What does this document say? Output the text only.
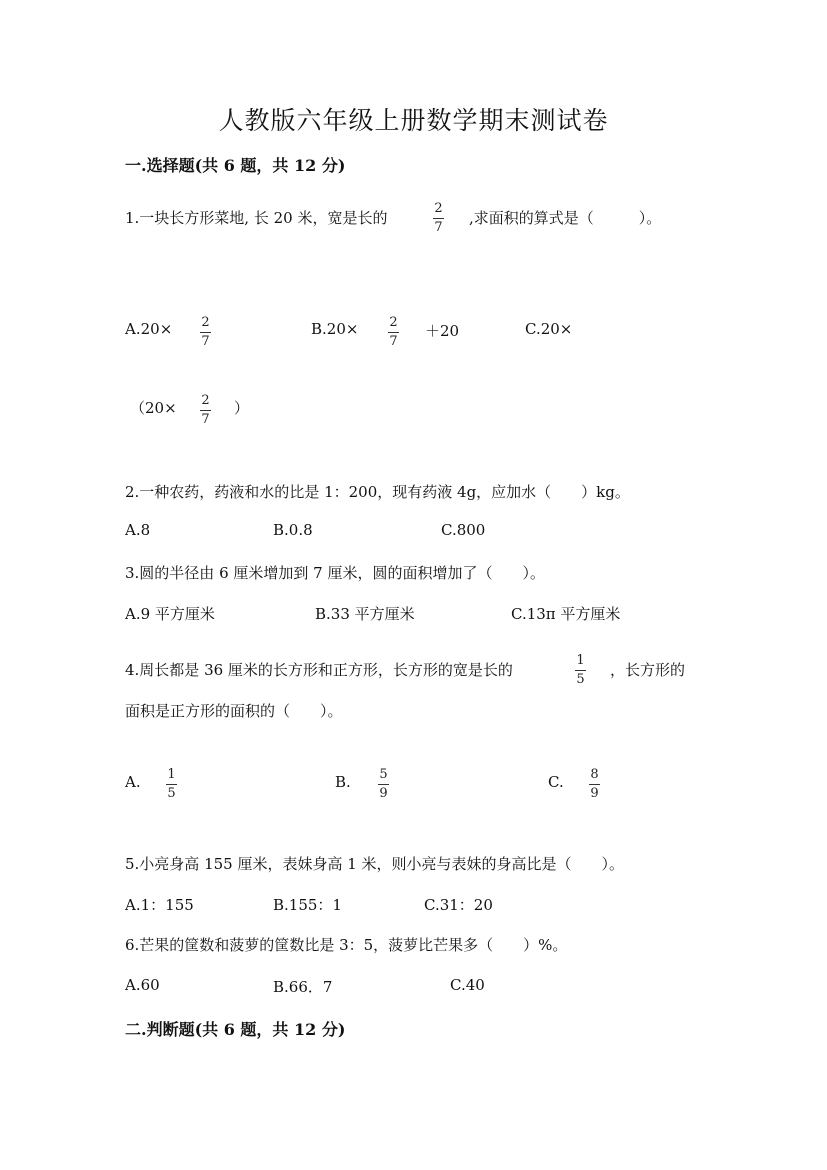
人教版六年级上册数学期末测试卷
一.选择题(共 6 题，共 12 分)
1.一块长方形菜地, 长 20 米，宽是长的
2
7
,求面积的算式是（　　　）。
A.20× 2
7
B.20× 2
7
＋20	C.20×
（20× 2
7
）
2.一种农药，药液和水的比是 1：200，现有药液 4g，应加水（　　）kg。
A.8	B.0.8	C.800
3.圆的半径由 6 厘米增加到 7 厘米，圆的面积增加了（　　）。
A.9 平方厘米	B.33 平方厘米	C.13π 平方厘米
4.周长都是 36 厘米的长方形和正方形，长方形的宽是长的
1
5
，长方形的
面积是正方形的面积的（　　）。
A. 1
5
B. 5
9
C. 8
9
5.小亮身高 155 厘米，表妹身高 1 米，则小亮与表妹的身高比是（　　）。
A.1：155	B.155：1	C.31：20
6.芒果的筐数和菠萝的筐数比是 3：5，菠萝比芒果多（　　）%。
A.60	B.66．7	C.40
二.判断题(共 6 题，共 12 分)
